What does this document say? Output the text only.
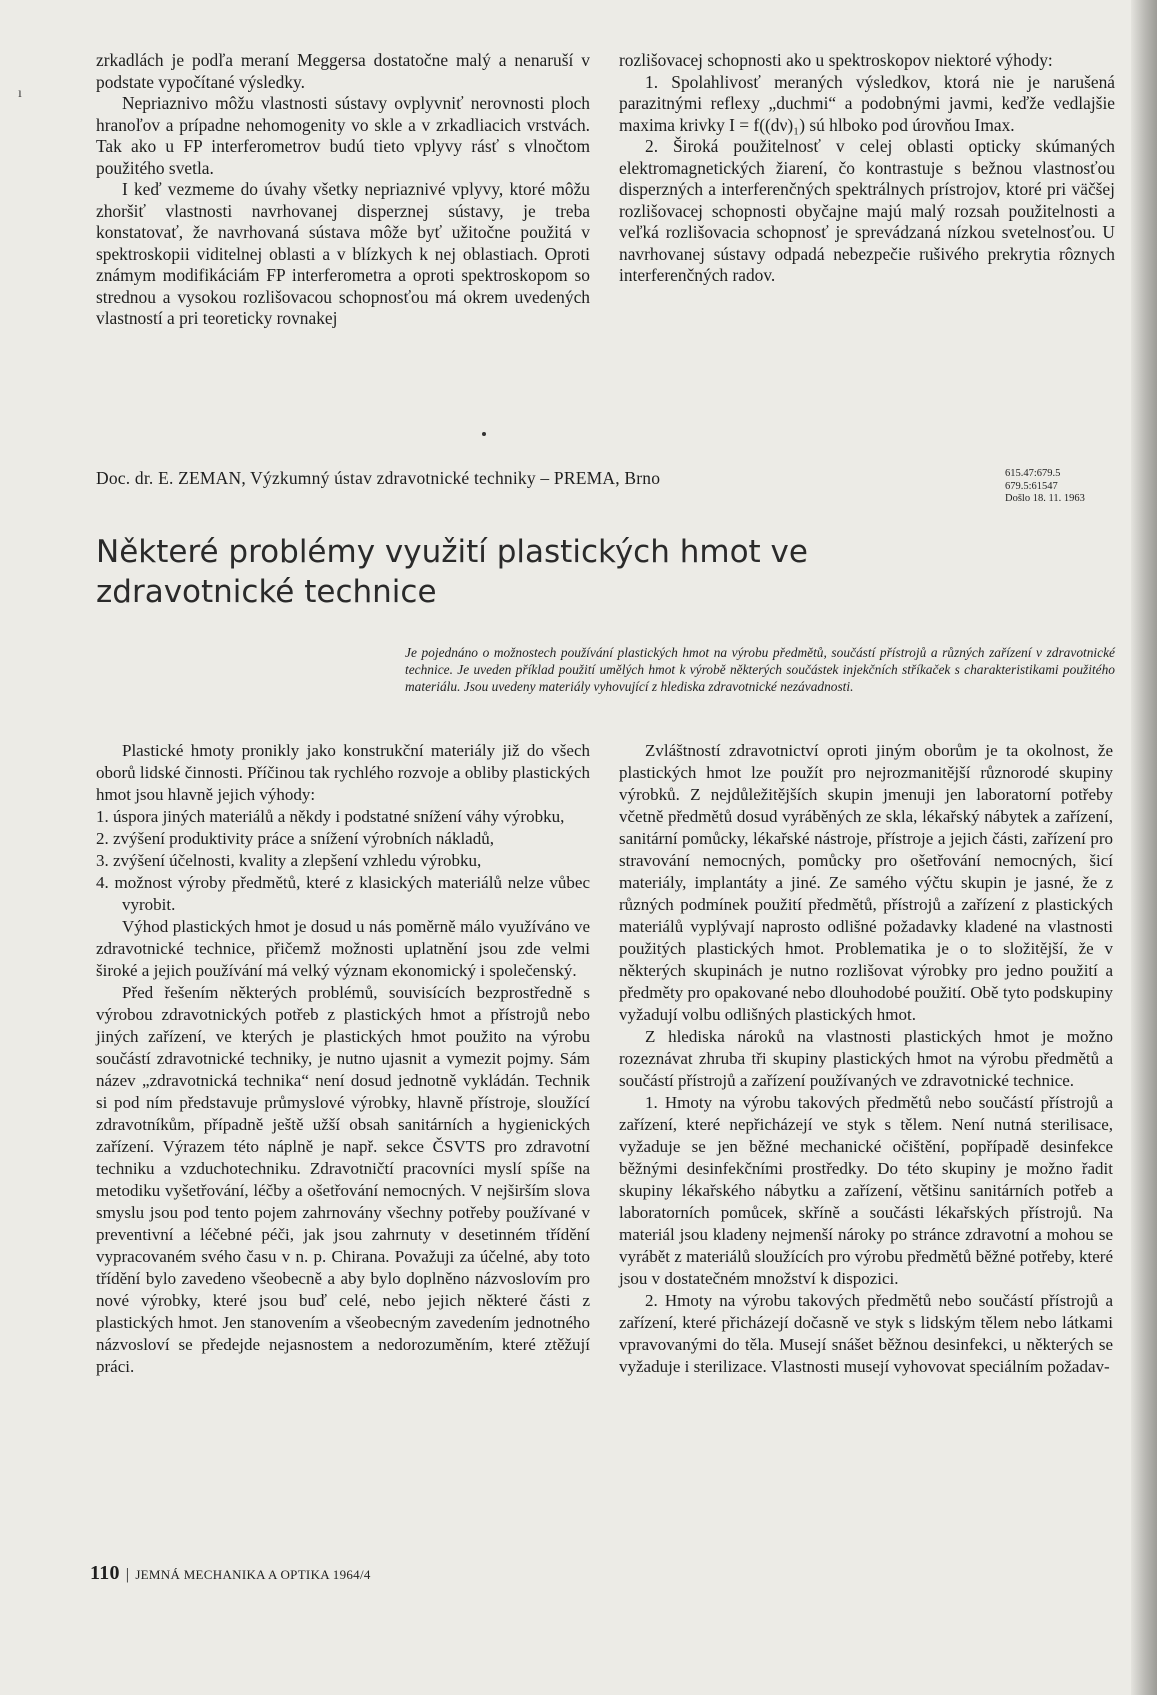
ı

zrkadlách je podľa meraní Meggersa dostatočne malý a nenaruší v podstate vypočítané výsledky.

Nepriaznivo môžu vlastnosti sústavy ovplyvniť nerovnosti ploch hranoľov a prípadne nehomogenity vo skle a v zrkadliacich vrstvách. Tak ako u FP interferometrov budú tieto vplyvy rásť s vlnočtom použitého svetla.

I keď vezmeme do úvahy všetky nepriaznivé vplyvy, ktoré môžu zhoršiť vlastnosti navrhovanej disperznej sústavy, je treba konstatovať, že navrhovaná sústava môže byť užitočne použitá v spektroskopii viditelnej oblasti a v blízkych k nej oblastiach. Oproti známym modifikáciám FP interferometra a oproti spektroskopom so strednou a vysokou rozlišovacou schopnosťou má okrem uvedených vlastností a pri teoreticky rovnakej

rozlišovacej schopnosti ako u spektroskopov niektoré výhody:

1. Spolahlivosť meraných výsledkov, ktorá nie je narušená parazitnými reflexy „duchmi“ a podobnými javmi, keďže vedlajšie maxima krivky I = f((dν)₁) sú hlboko pod úrovňou Imax.

2. Široká použitelnosť v celej oblasti opticky skúmaných elektromagnetických žiarení, čo kontrastuje s bežnou vlastnosťou disperzných a interferenčných spektrálnych prístrojov, ktoré pri väčšej rozlišovacej schopnosti obyčajne majú malý rozsah použitelnosti a veľká rozlišovacia schopnosť je sprevádzaná nízkou svetelnosťou. U navrhovanej sústavy odpadá nebezpečie rušivého prekrytia rôznych interferenčných radov.

Doc. dr. E. ZEMAN, Výzkumný ústav zdravotnické techniky – PREMA, Brno	615.47:679.5
679.5:61547
Došlo 18. 11. 1963
Některé problémy využití plastických hmot ve zdravotnické technice

Je pojednáno o možnostech používání plastických hmot na výrobu předmětů, součástí přístrojů a různých zařízení v zdravotnické technice. Je uveden příklad použití umělých hmot k výrobě některých součástek injekčních stříkaček s charakteristikami použitého materiálu. Jsou uvedeny materiály vyhovující z hlediska zdravotnické nezávadnosti.

Plastické hmoty pronikly jako konstrukční materiály již do všech oborů lidské činnosti. Příčinou tak rychlého rozvoje a obliby plastických hmot jsou hlavně jejich výhody:

1. úspora jiných materiálů a někdy i podstatné snížení váhy výrobku,

2. zvýšení produktivity práce a snížení výrobních nákladů,

3. zvýšení účelnosti, kvality a zlepšení vzhledu výrobku,

4. možnost výroby předmětů, které z klasických materiálů nelze vůbec vyrobit.

Výhod plastických hmot je dosud u nás poměrně málo využíváno ve zdravotnické technice, přičemž možnosti uplatnění jsou zde velmi široké a jejich používání má velký význam ekonomický i společenský.

Před řešením některých problémů, souvisících bezprostředně s výrobou zdravotnických potřeb z plastických hmot a přístrojů nebo jiných zařízení, ve kterých je plastických hmot použito na výrobu součástí zdravotnické techniky, je nutno ujasnit a vymezit pojmy. Sám název „zdravotnická technika“ není dosud jednotně vykládán. Technik si pod ním představuje průmyslové výrobky, hlavně přístroje, sloužící zdravotníkům, případně ještě užší obsah sanitárních a hygienických zařízení. Výrazem této náplně je např. sekce ČSVTS pro zdravotní techniku a vzduchotechniku. Zdravotničtí pracovníci myslí spíše na metodiku vyšetřování, léčby a ošetřování nemocných. V nejširším slova smyslu jsou pod tento pojem zahrnovány všechny potřeby používané v preventivní a léčebné péči, jak jsou zahrnuty v desetinném třídění vypracovaném svého času v n. p. Chirana. Považuji za účelné, aby toto třídění bylo zavedeno všeobecně a aby bylo doplněno názvoslovím pro nové výrobky, které jsou buď celé, nebo jejich některé části z plastických hmot. Jen stanovením a všeobecným zavedením jednotného názvosloví se předejde nejasnostem a nedorozuměním, které ztěžují práci.

Zvláštností zdravotnictví oproti jiným oborům je ta okolnost, že plastických hmot lze použít pro nejrozmanitější různorodé skupiny výrobků. Z nejdůležitějších skupin jmenuji jen laboratorní potřeby včetně předmětů dosud vyráběných ze skla, lékařský nábytek a zařízení, sanitární pomůcky, lékařské nástroje, přístroje a jejich části, zařízení pro stravování nemocných, pomůcky pro ošetřování nemocných, šicí materiály, implantáty a jiné. Ze samého výčtu skupin je jasné, že z různých podmínek použití předmětů, přístrojů a zařízení z plastických materiálů vyplývají naprosto odlišné požadavky kladené na vlastnosti použitých plastických hmot. Problematika je o to složitější, že v některých skupinách je nutno rozlišovat výrobky pro jedno použití a předměty pro opakované nebo dlouhodobé použití. Obě tyto podskupiny vyžadují volbu odlišných plastických hmot.

Z hlediska nároků na vlastnosti plastických hmot je možno rozeznávat zhruba tři skupiny plastických hmot na výrobu předmětů a součástí přístrojů a zařízení používaných ve zdravotnické technice.

1. Hmoty na výrobu takových předmětů nebo součástí přístrojů a zařízení, které nepřicházejí ve styk s tělem. Není nutná sterilisace, vyžaduje se jen běžné mechanické očištění, popřípadě desinfekce běžnými desinfekčními prostředky. Do této skupiny je možno řadit skupiny lékařského nábytku a zařízení, většinu sanitárních potřeb a laboratorních pomůcek, skříně a součásti lékařských přístrojů. Na materiál jsou kladeny nejmenší nároky po stránce zdravotní a mohou se vyrábět z materiálů sloužících pro výrobu předmětů běžné potřeby, které jsou v dostatečném množství k dispozici.

2. Hmoty na výrobu takových předmětů nebo součástí přístrojů a zařízení, které přicházejí dočasně ve styk s lidským tělem nebo látkami vpravovanými do těla. Musejí snášet běžnou desinfekci, u některých se vyžaduje i sterilizace. Vlastnosti musejí vyhovovat speciálním požadav-

110 | JEMNÁ MECHANIKA A OPTIKA 1964/4
